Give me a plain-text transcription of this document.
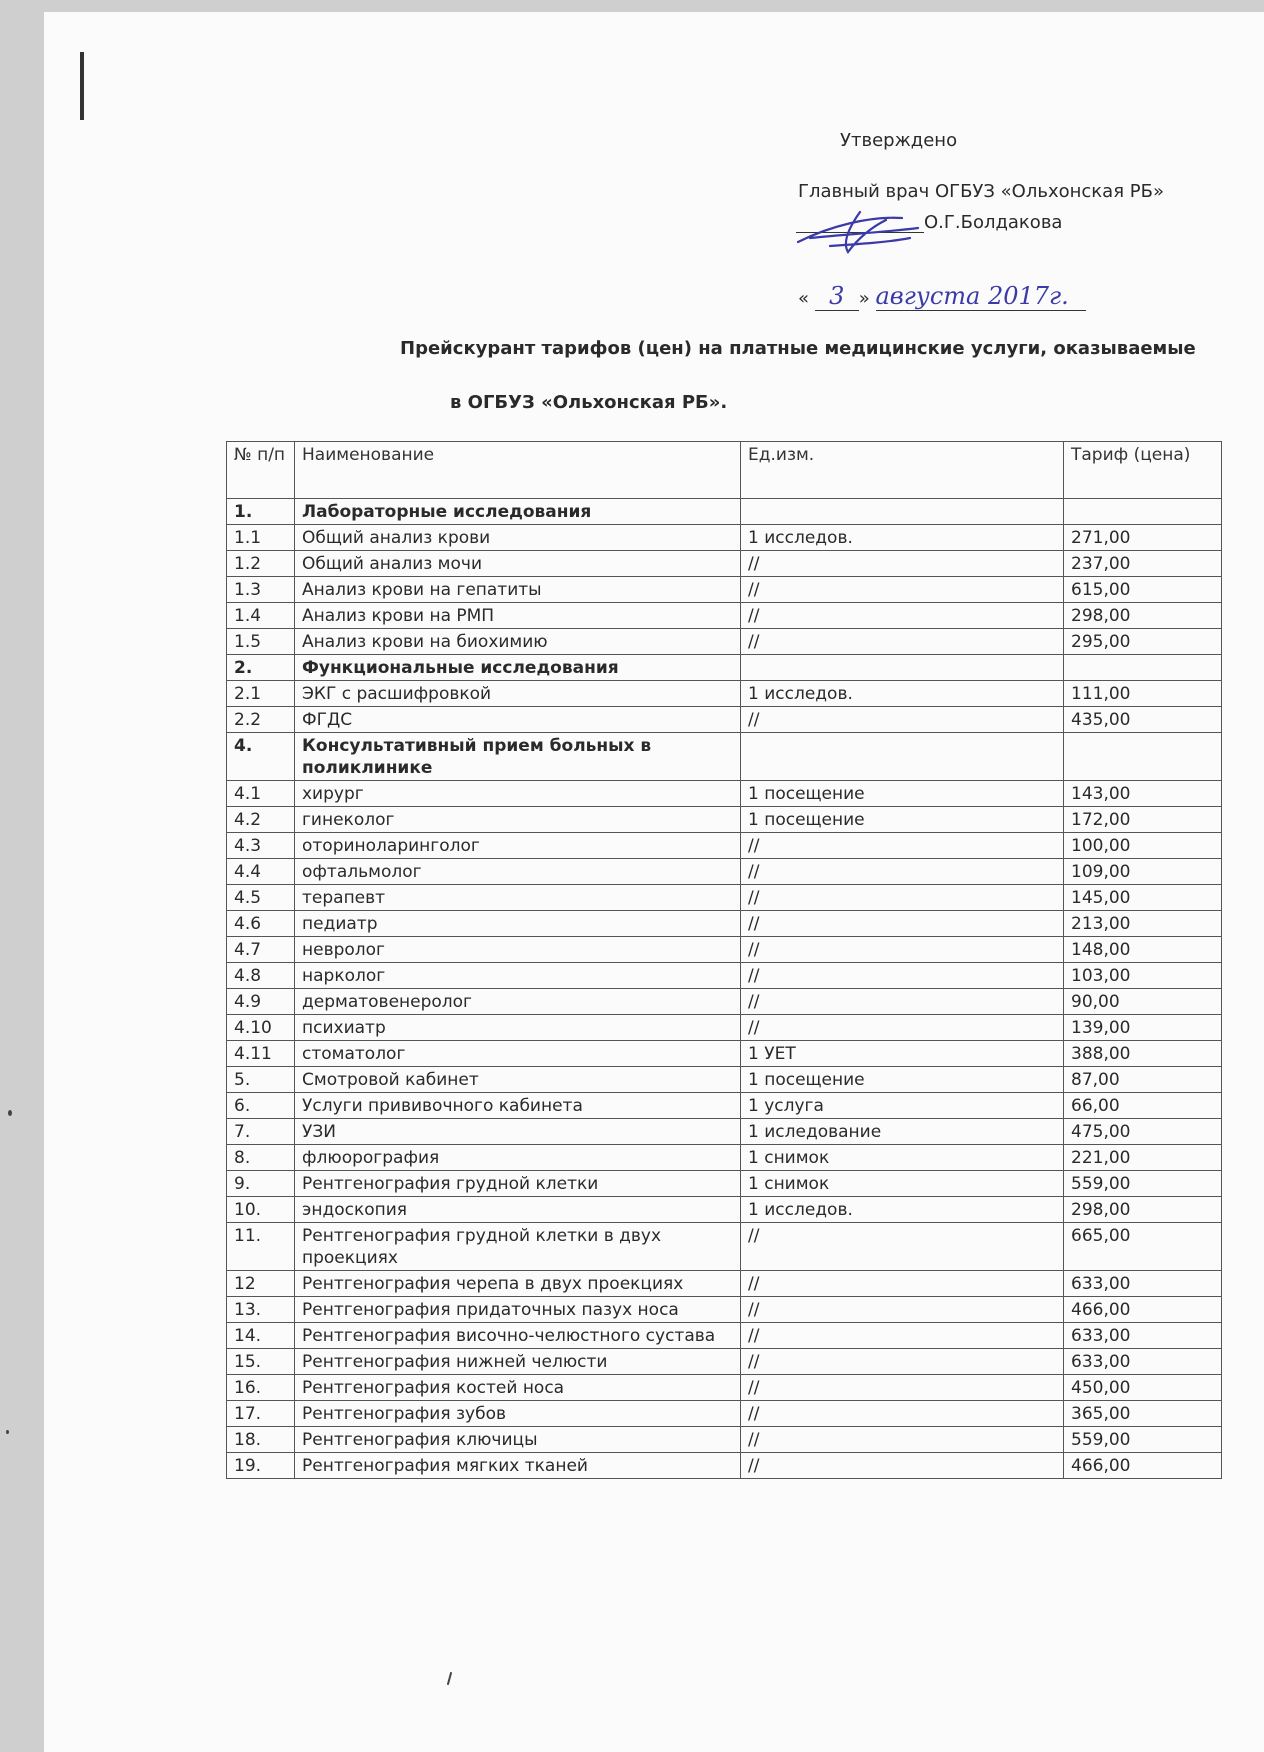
Утверждено
Главный врач ОГБУЗ «Ольхонская РБ»
О.Г.Болдакова
« 3 » августа 2017г.
Прейскурант тарифов (цен) на платные медицинские услуги, оказываемые
в ОГБУЗ «Ольхонская РБ».
№ п/п	Наименование	Ед.изм.	Тариф (цена)
1.	Лабораторные исследования		
1.1	Общий анализ крови	1 исследов.	271,00
1.2	Общий анализ мочи	//	237,00
1.3	Анализ крови на гепатиты	//	615,00
1.4	Анализ крови на РМП	//	298,00
1.5	Анализ крови на биохимию	//	295,00
2.	Функциональные исследования		
2.1	ЭКГ с расшифровкой	1 исследов.	111,00
2.2	ФГДС	//	435,00
4.	Консультативный прием больных в поликлинике		
4.1	хирург	1 посещение	143,00
4.2	гинеколог	1 посещение	172,00
4.3	оториноларинголог	//	100,00
4.4	офтальмолог	//	109,00
4.5	терапевт	//	145,00
4.6	педиатр	//	213,00
4.7	невролог	//	148,00
4.8	нарколог	//	103,00
4.9	дерматовенеролог	//	90,00
4.10	психиатр	//	139,00
4.11	стоматолог	1 УЕТ	388,00
5.	Смотровой кабинет	1 посещение	87,00
6.	Услуги прививочного кабинета	1 услуга	66,00
7.	УЗИ	1 иследование	475,00
8.	флюорография	1 снимок	221,00
9.	Рентгенография грудной клетки	1 снимок	559,00
10.	эндоскопия	1 исследов.	298,00
11.	Рентгенография грудной клетки в двух проекциях	//	665,00
12	Рентгенография черепа в двух проекциях	//	633,00
13.	Рентгенография придаточных пазух носа	//	466,00
14.	Рентгенография височно-челюстного сустава	//	633,00
15.	Рентгенография нижней челюсти	//	633,00
16.	Рентгенография костей носа	//	450,00
17.	Рентгенография зубов	//	365,00
18.	Рентгенография ключицы	//	559,00
19.	Рентгенография мягких тканей	//	466,00
